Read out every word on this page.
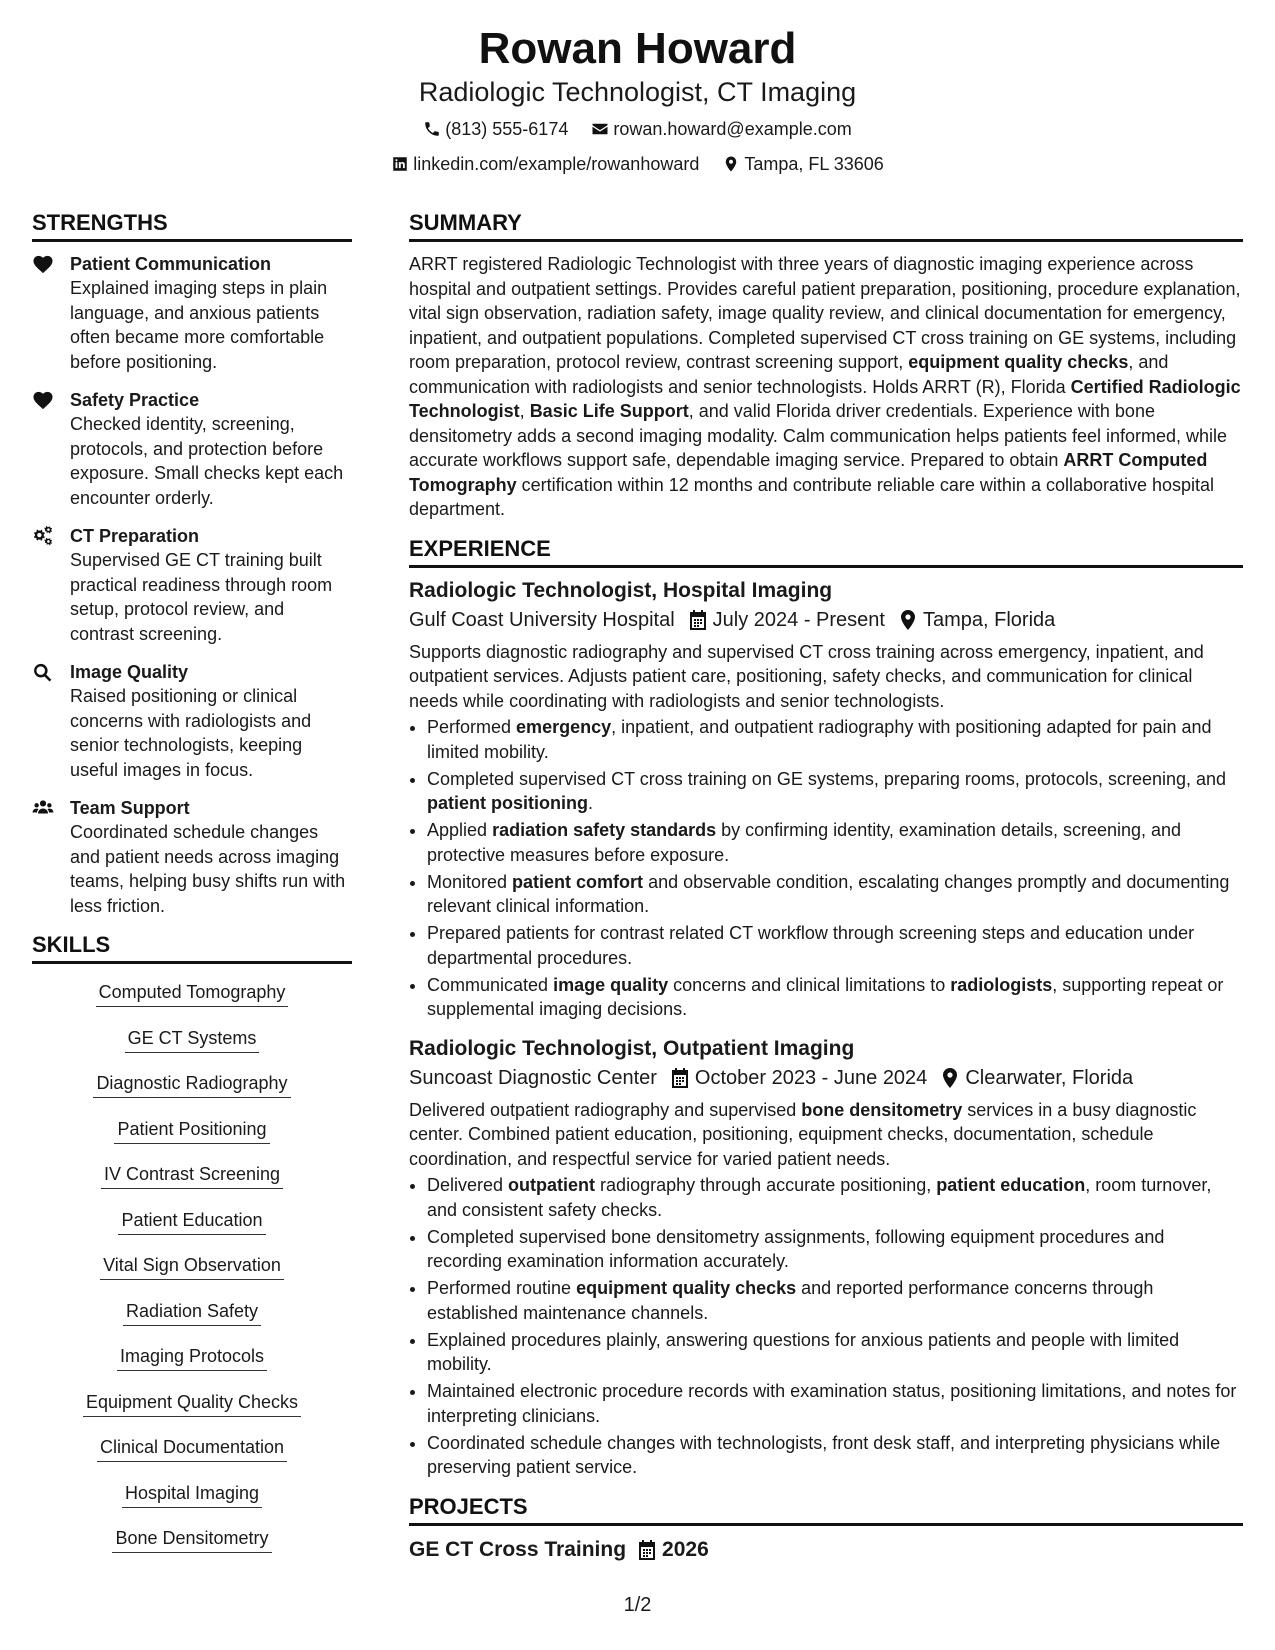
Rowan Howard
Radiologic Technologist, CT Imaging
(813) 555-6174
	rowan.howard@example.com
linkedin.com/example/rowanhoward
	Tampa, FL 33606
STRENGTHS
Patient Communication
Explained imaging steps in plain language, and anxious patients often became more comfortable before positioning.
Safety Practice
Checked identity, screening, protocols, and protection before exposure. Small checks kept each encounter orderly.
CT Preparation
Supervised GE CT training built practical readiness through room setup, protocol review, and contrast screening.
Image Quality
Raised positioning or clinical concerns with radiologists and senior technologists, keeping useful images in focus.
Team Support
Coordinated schedule changes and patient needs across imaging teams, helping busy shifts run with less friction.
SKILLS
Computed Tomography
GE CT Systems
Diagnostic Radiography
Patient Positioning
IV Contrast Screening
Patient Education
Vital Sign Observation
Radiation Safety
Imaging Protocols
Equipment Quality Checks
Clinical Documentation
Hospital Imaging
Bone Densitometry
SUMMARY

ARRT registered Radiologic Technologist with three years of diagnostic imaging experience across hospital and outpatient settings. Provides careful patient preparation, positioning, procedure explanation, vital sign observation, radiation safety, image quality review, and clinical documentation for emergency, inpatient, and outpatient populations. Completed supervised CT cross training on GE systems, including room preparation, protocol review, contrast screening support, equipment quality checks, and communication with radiologists and senior technologists. Holds ARRT (R), Florida Certified Radiologic Technologist, Basic Life Support, and valid Florida driver credentials. Experience with bone densitometry adds a second imaging modality. Calm communication helps patients feel informed, while accurate workflows support safe, dependable imaging service. Prepared to obtain ARRT Computed Tomography certification within 12 months and contribute reliable care within a collaborative hospital department.

EXPERIENCE
Radiologic Technologist, Hospital Imaging
Gulf Coast University Hospital July 2024 - Present Tampa, Florida

Supports diagnostic radiography and supervised CT cross training across emergency, inpatient, and outpatient services. Adjusts patient care, positioning, safety checks, and communication for clinical needs while coordinating with radiologists and senior technologists.

• Performed emergency, inpatient, and outpatient radiography with positioning adapted for pain and limited mobility.
• Completed supervised CT cross training on GE systems, preparing rooms, protocols, screening, and patient positioning.
• Applied radiation safety standards by confirming identity, examination details, screening, and protective measures before exposure.
• Monitored patient comfort and observable condition, escalating changes promptly and documenting relevant clinical information.
• Prepared patients for contrast related CT workflow through screening steps and education under departmental procedures.
• Communicated image quality concerns and clinical limitations to radiologists, supporting repeat or supplemental imaging decisions.
Radiologic Technologist, Outpatient Imaging
Suncoast Diagnostic Center October 2023 - June 2024 Clearwater, Florida

Delivered outpatient radiography and supervised bone densitometry services in a busy diagnostic center. Combined patient education, positioning, equipment checks, documentation, schedule coordination, and respectful service for varied patient needs.

• Delivered outpatient radiography through accurate positioning, patient education, room turnover, and consistent safety checks.
• Completed supervised bone densitometry assignments, following equipment procedures and recording examination information accurately.
• Performed routine equipment quality checks and reported performance concerns through established maintenance channels.
• Explained procedures plainly, answering questions for anxious patients and people with limited mobility.
• Maintained electronic procedure records with examination status, positioning limitations, and notes for interpreting clinicians.
• Coordinated schedule changes with technologists, front desk staff, and interpreting physicians while preserving patient service.
PROJECTS
GE CT Cross Training 2026
1/2
